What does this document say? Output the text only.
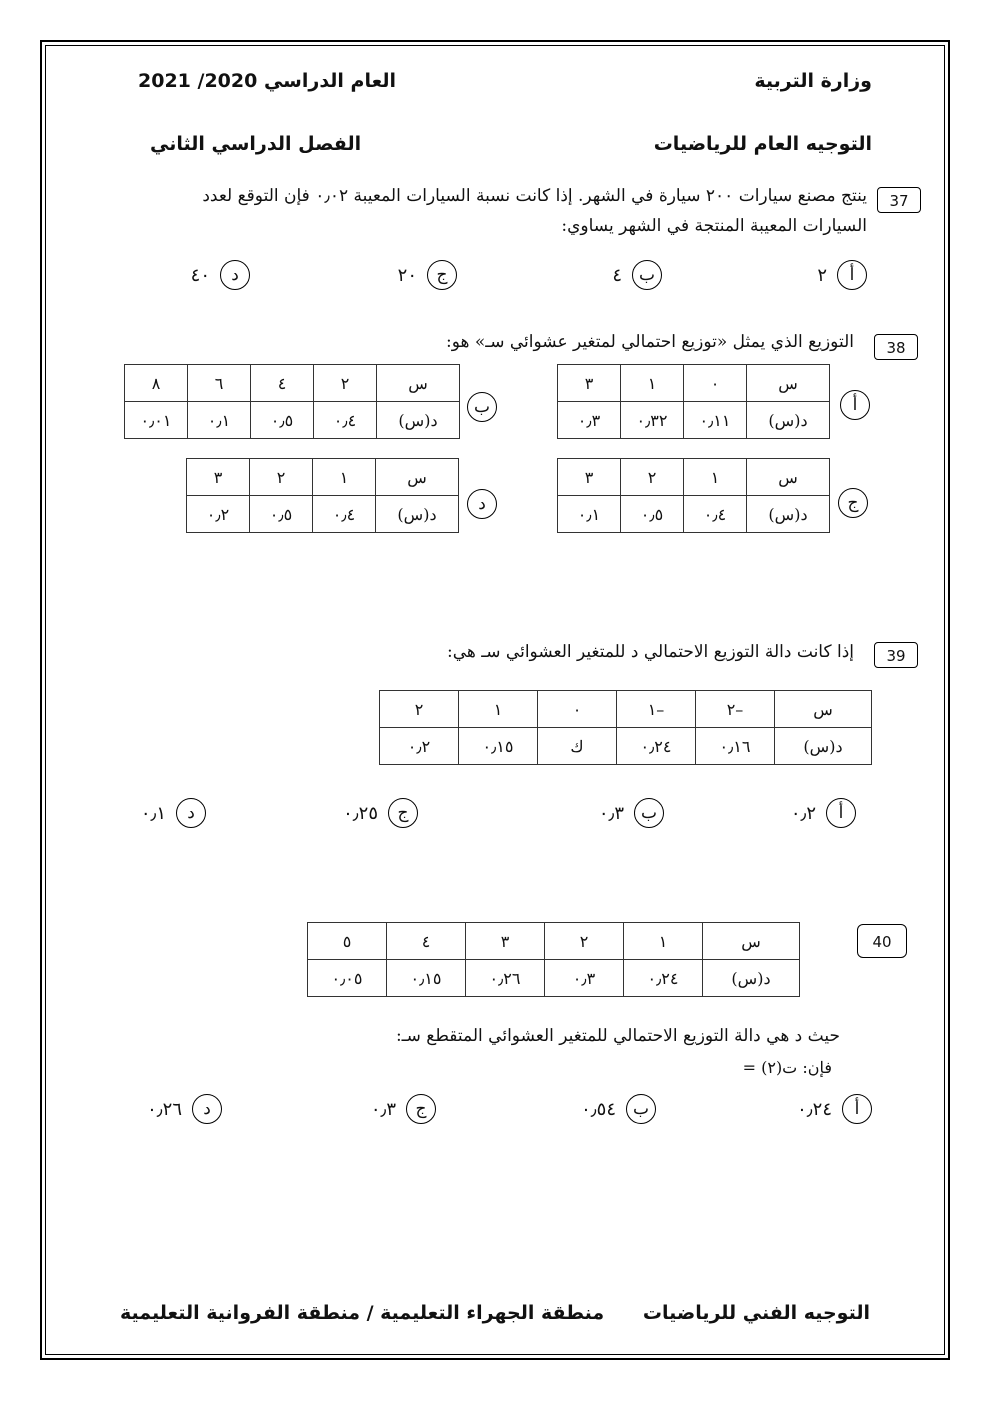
وزارة التربية
العام الدراسي 2020/ 2021
التوجيه العام للرياضيات
الفصل الدراسي الثاني
37
ينتج مصنع سيارات ٢٠٠ سيارة في الشهر. إذا كانت نسبة السيارات المعيبة ٠٫٠٢ فإن التوقع لعدد
السيارات المعيبة المنتجة في الشهر يساوي:
أ
٢
ب
٤
ج
٢٠
د
٤٠
38
التوزيع الذي يمثل «توزيع احتمالي لمتغير عشوائي سـ» هو:
أ
س	٠	١	٣
د(س)	٠٫١١	٠٫٣٢	٠٫٣
ب
س	٢	٤	٦	٨
د(س)	٠٫٤	٠٫٥	٠٫١	٠٫٠١
ج
س	١	٢	٣
د(س)	٠٫٤	٠٫٥	٠٫١
د
س	١	٢	٣
د(س)	٠٫٤	٠٫٥	٠٫٢
39
إذا كانت دالة التوزيع الاحتمالي د للمتغير العشوائي سـ هي:
س	–٢	–١	٠	١	٢
د(س)	٠٫١٦	٠٫٢٤	ك	٠٫١٥	٠٫٢
أ
٠٫٢
ب
٠٫٣
ج
٠٫٢٥
د
٠٫١
40
س	١	٢	٣	٤	٥
د(س)	٠٫٢٤	٠٫٣	٠٫٢٦	٠٫١٥	٠٫٠٥
حيث د هي دالة التوزيع الاحتمالي للمتغير العشوائي المتقطع سـ:
فإن: ت(٢) =
أ
٠٫٢٤
ب
٠٫٥٤
ج
٠٫٣
د
٠٫٢٦
التوجيه الفني للرياضيات
منطقة الجهراء التعليمية / منطقة الفروانية التعليمية
